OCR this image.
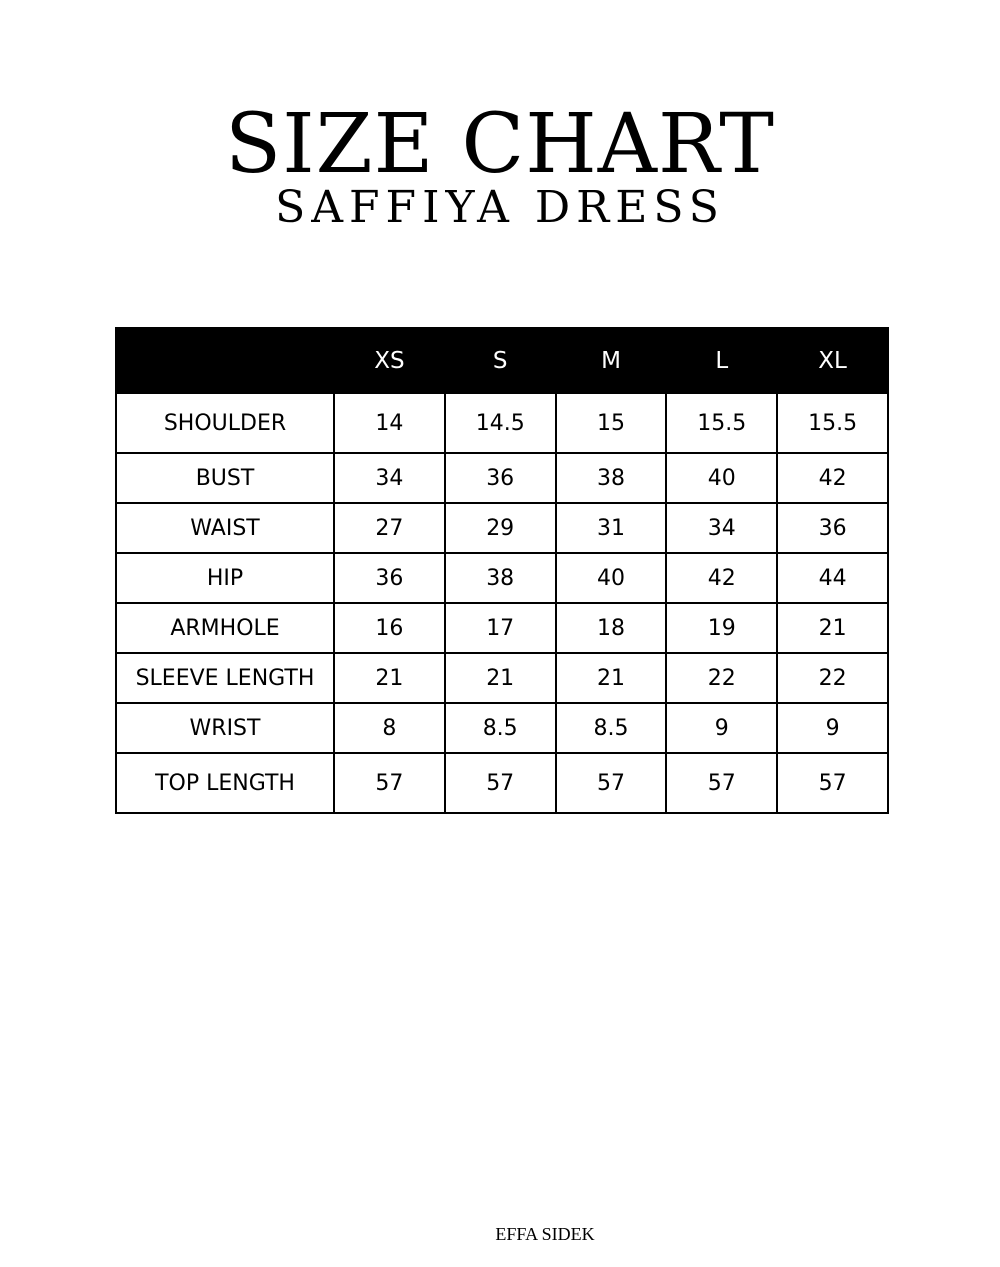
SIZE CHART
SAFFIYA DRESS
	XS	S	M	L	XL
SHOULDER	14	14.5	15	15.5	15.5
BUST	34	36	38	40	42
WAIST	27	29	31	34	36
HIP	36	38	40	42	44
ARMHOLE	16	17	18	19	21
SLEEVE LENGTH	21	21	21	22	22
WRIST	8	8.5	8.5	9	9
TOP LENGTH	57	57	57	57	57
EFFA SIDEK
